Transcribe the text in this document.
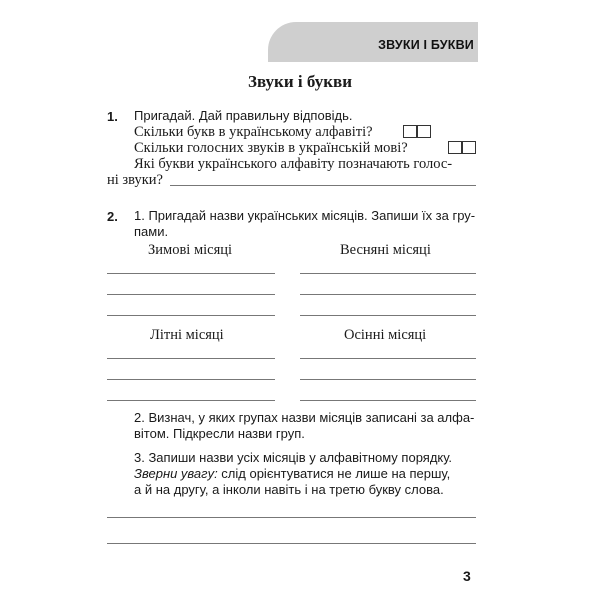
ЗВУКИ І БУКВИ
Звуки і букви
1. Пригадай. Дай правильну відповідь.
Скільки букв в українському алфавіті?
Скільки голосних звуків в українській мові?
Які букви українського алфавіту позначають голос-
ні звуки?
2. 1. Пригадай назви українських місяців. Запиши їх за гру-
пами.
Зимові місяці	Весняні місяці
Літні місяці	Осінні місяці
2. Визнач, у яких групах назви місяців записані за алфа-
вітом. Підкресли назви груп.
3. Запиши назви усіх місяців у алфавітному порядку.
Зверни увагу: слід орієнтуватися не лише на першу,
а й на другу, а інколи навіть і на третю букву слова.
3
